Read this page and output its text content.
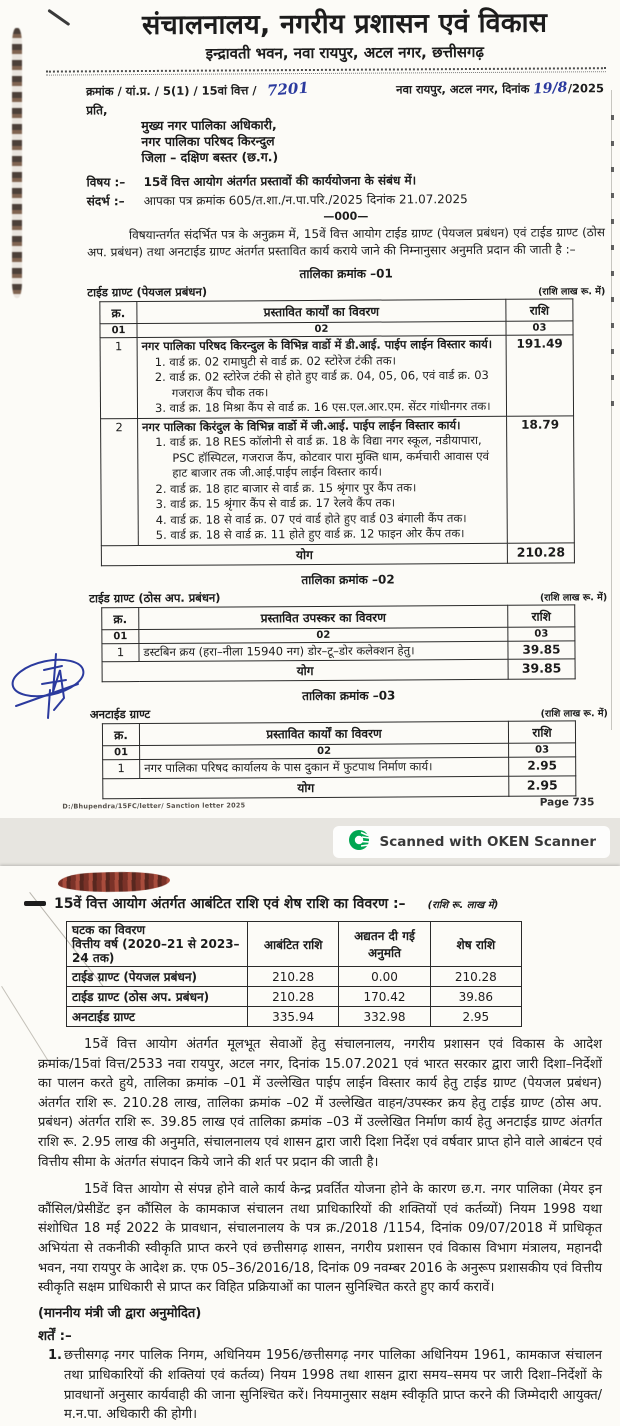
संचालनालय, नगरीय प्रशासन एवं विकास
इन्द्रावती भवन, नवा रायपुर, अटल नगर, छत्तीसगढ़
क्रमांक / यां.प्र. / 5(1) / 15वां वित्त / 7201	नवा रायपुर, अटल नगर, दिनांक 19/8/2025
प्रति,
मुख्य नगर पालिका अधिकारी,
नगर पालिका परिषद किरन्दुल
जिला – दक्षिण बस्तर (छ.ग.)
विषय :–	15वें वित्त आयोग अंतर्गत प्रस्तावों की कार्ययोजना के संबंध में।
संदर्भ :–	आपका पत्र क्रमांक 605/त.शा./न.पा.परि./2025 दिनांक 21.07.2025
—000—
विषयान्तर्गत संदर्भित पत्र के अनुक्रम में, 15वें वित्त आयोग टाईड ग्राण्ट (पेयजल प्रबंधन) एवं टाईड ग्राण्ट (ठोस अप. प्रबंधन) तथा अनटाईड ग्राण्ट अंतर्गत प्रस्तावित कार्य कराये जाने की निम्नानुसार अनुमति प्रदान की जाती है :–
तालिका क्रमांक –01
टाईड ग्राण्ट (पेयजल प्रबंधन)	(राशि लाख रू. में)
क्र.	प्रस्तावित कार्यों का विवरण	राशि
01	02	03
1	नगर पालिका परिषद किरन्दुल के विभिन्न वार्डो में डी.आई. पाईप लाईन विस्तार कार्य।
1. वार्ड क्र. 02 रामाघुटी से वार्ड क्र. 02 स्टोरेज टंकी तक।
2. वार्ड क्र. 02 स्टोरेज टंकी से होते हुए वार्ड क्र. 04, 05, 06, एवं वार्ड क्र. 03 गजराज कैंप चौक तक।
3. वार्ड क्र. 18 मिश्रा कैंप से वार्ड क्र. 16 एस.एल.आर.एम. सेंटर गांधीनगर तक।	191.49
2	नगर पालिका किरंदुल के विभिन्न वार्डो में जी.आई. पाईप लाईन विस्तार कार्य।
1. वार्ड क्र. 18 RES कॉलोनी से वार्ड क्र. 18 के विद्या नगर स्कूल, नडीयापारा, PSC हॉस्पिटल, गजराज कैंप, कोटवार पारा मुक्ति धाम, कर्मचारी आवास एवं हाट बाजार तक जी.आई.पाईप लाईन विस्तार कार्य।
2. वार्ड क्र. 18 हाट बाजार से वार्ड क्र. 15 श्रृंगार पुर कैंप तक।
3. वार्ड क्र. 15 श्रृंगार कैंप से वार्ड क्र. 17 रेलवे कैंप तक।
4. वार्ड क्र. 18 से वार्ड क्र. 07 एवं वार्ड होते हुए वार्ड 03 बंगाली कैंप तक।
5. वार्ड क्र. 18 से वार्ड क्र. 11 होते हुए वार्ड क्र. 12 फाइन ओर कैंप तक।
	18.79
योग		210.28
तालिका क्रमांक –02
टाईड ग्राण्ट (ठोस अप. प्रबंधन)	(राशि लाख रू. में)
क्र.	प्रस्तावित उपस्कर का विवरण	राशि
01	02	03
1	डस्टबिन क्रय (हरा–नीला 15940 नग) डोर–टू–डोर कलेक्शन हेतु।	39.85
योग		39.85
तालिका क्रमांक –03
अनटाईड ग्राण्ट	(राशि लाख रू. में)
क्र.	प्रस्तावित कार्यों का विवरण	राशि
01	02	03
1	नगर पालिका परिषद कार्यालय के पास दुकान में फुटपाथ निर्माण कार्य।	2.95
योग		2.95
D:/Bhupendra/15FC/letter/ Sanction letter 2025	Page 735
Scanned with OKEN Scanner
15वें वित्त आयोग अंतर्गत आबंटित राशि एवं शेष राशि का विवरण :– (राशि रू. लाख में)
घटक का विवरण
वित्तीय वर्ष (2020–21 से 2023–24 तक)	आबंटित राशि	अद्यतन दी गई अनुमति	शेष राशि
टाईड ग्राण्ट (पेयजल प्रबंधन)	210.28	0.00	210.28
टाईड ग्राण्ट (ठोस अप. प्रबंधन)	210.28	170.42	39.86
अनटाईड ग्राण्ट	335.94	332.98	2.95
15वें वित्त आयोग अंतर्गत मूलभूत सेवाओं हेतु संचालनालय, नगरीय प्रशासन एवं विकास के आदेश क्रमांक/15वां वित्त/2533 नवा रायपुर, अटल नगर, दिनांक 15.07.2021 एवं भारत सरकार द्वारा जारी दिशा–निर्देशों का पालन करते हुये, तालिका क्रमांक –01 में उल्लेखित पाईप लाईन विस्तार कार्य हेतु टाईड ग्राण्ट (पेयजल प्रबंधन) अंतर्गत राशि रू. 210.28 लाख, तालिका क्रमांक –02 में उल्लेखित वाहन/उपस्कर क्रय हेतु टाईड ग्राण्ट (ठोस अप. प्रबंधन) अंतर्गत राशि रू. 39.85 लाख एवं तालिका क्रमांक –03 में उल्लेखित निर्माण कार्य हेतु अनटाईड ग्राण्ट अंतर्गत राशि रू. 2.95 लाख की अनुमति, संचालनालय एवं शासन द्वारा जारी दिशा निर्देश एवं वर्षवार प्राप्त होने वाले आबंटन एवं वित्तीय सीमा के अंतर्गत संपादन किये जाने की शर्त पर प्रदान की जाती है।
15वें वित्त आयोग से संपन्न होने वाले कार्य केन्द्र प्रवर्तित योजना होने के कारण छ.ग. नगर पालिका (मेयर इन कौंसिल/प्रेसीडेंट इन कौंसिल के कामकाज संचालन तथा प्राधिकारियों की शक्तियों एवं कर्तव्यों) नियम 1998 यथा संशोधित 18 मई 2022 के प्रावधान, संचालनालय के पत्र क्र./2018 /1154, दिनांक 09/07/2018 में प्राधिकृत अभियंता से तकनीकी स्वीकृति प्राप्त करने एवं छत्तीसगढ़ शासन, नगरीय प्रशासन एवं विकास विभाग मंत्रालय, महानदी भवन, नया रायपुर के आदेश क्र. एफ 05–36/2016/18, दिनांक 09 नवम्बर 2016 के अनुरूप प्रशासकीय एवं वित्तीय स्वीकृति सक्षम प्राधिकारी से प्राप्त कर विहित प्रक्रियाओं का पालन सुनिश्चित करते हुए कार्य करावें।
(माननीय मंत्री जी द्वारा अनुमोदित)
शर्तें :–
1. छत्तीसगढ़ नगर पालिक निगम, अधिनियम 1956/छत्तीसगढ़ नगर पालिका अधिनियम 1961, कामकाज संचालन तथा प्राधिकारियों की शक्तियां एवं कर्तव्य) नियम 1998 तथा शासन द्वारा समय–समय पर जारी दिशा–निर्देशों के प्रावधानों अनुसार कार्यवाही की जाना सुनिश्चित करें। नियमानुसार सक्षम स्वीकृति प्राप्त करने की जिम्मेदारी आयुक्त/म.न.पा. अधिकारी की होगी।
